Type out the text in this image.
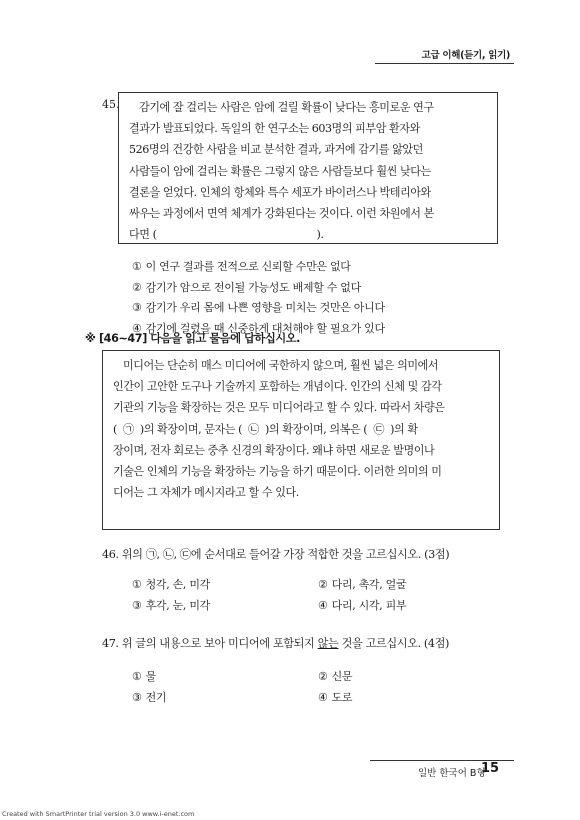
고급 이해(듣기, 읽기)
45.	감기에 잘 걸리는 사람은 암에 걸릴 확률이 낮다는 흥미로운 연구

결과가 발표되었다. 독일의 한 연구소는 603명의 피부암 환자와

526명의 건강한 사람을 비교 분석한 결과, 과거에 감기를 앓았던

사람들이 암에 걸리는 확률은 그렇지 않은 사람들보다 훨씬 낮다는

결론을 얻었다. 인체의 항체와 특수 세포가 바이러스나 박테리아와

싸우는 과정에서 면역 체계가 강화된다는 것이다. 이런 차원에서 본

다면 (                                                    ).

① 이 연구 결과를 전적으로 신뢰할 수만은 없다
② 감기가 암으로 전이될 가능성도 배제할 수 없다
③ 감기가 우리 몸에 나쁜 영향을 미치는 것만은 아니다
④ 감기에 걸렸을 때 신중하게 대처해야 할 필요가 있다
※ [46~47] 다음을 읽고 물음에 답하십시오.

미디어는 단순히 매스 미디어에 국한하지 않으며, 훨씬 넓은 의미에서

인간이 고안한 도구나 기술까지 포함하는 개념이다. 인간의 신체 및 감각

기관의 기능을 확장하는 것은 모두 미디어라고 할 수 있다. 따라서 차량은

(  ㉠  )의 확장이며, 문자는 (  ㉡  )의 확장이며, 의복은 (  ㉢  )의 확

장이며, 전자 회로는 중추 신경의 확장이다. 왜냐 하면 새로운 발명이나

기술은 인체의 기능을 확장하는 기능을 하기 때문이다. 이러한 의미의 미

디어는 그 자체가 메시지라고 할 수 있다.

46. 위의 ㉠, ㉡, ㉢에 순서대로 들어갈 가장 적합한 것을 고르십시오. (3점)
① 청각, 손, 미각	② 다리, 촉각, 얼굴
③ 후각, 눈, 미각	④ 다리, 시각, 피부
47. 위 글의 내용으로 보아 미디어에 포함되지 않는 것을 고르십시오. (4점)
① 물	② 신문
③ 전기	④ 도로
일반 한국어 B형
15
Created with SmartPrinter trial version 3.0 www.i-enet.com
